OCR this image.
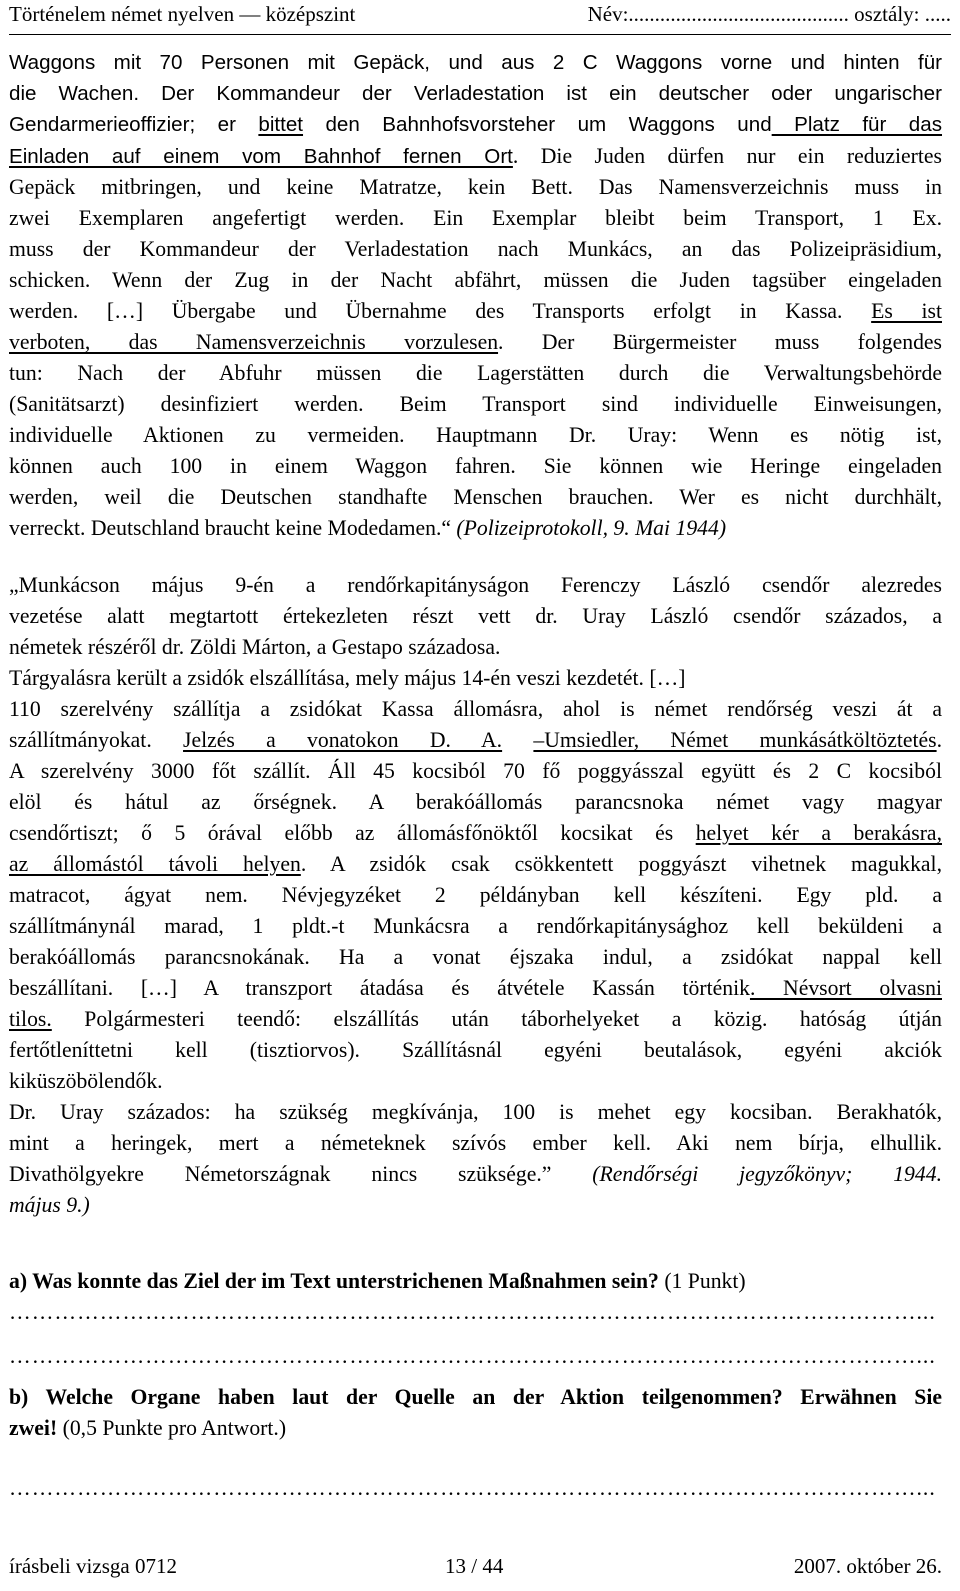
Történelem német nyelven — középszint	Név:.......................................... osztály: .....
Waggons mit 70 Personen mit Gepäck, und aus 2 C Waggons vorne und hinten für
die Wachen. Der Kommandeur der Verladestation ist ein deutscher oder ungarischer
Gendarmerieoffizier; er bittet den Bahnhofsvorsteher um Waggons und Platz für das
Einladen auf einem vom Bahnhof fernen Ort. Die Juden dürfen nur ein reduziertes
Gepäck mitbringen, und keine Matratze, kein Bett. Das Namensverzeichnis muss in
zwei Exemplaren angefertigt werden. Ein Exemplar bleibt beim Transport, 1 Ex.
muss der Kommandeur der Verladestation nach Munkács, an das Polizeipräsidium,
schicken. Wenn der Zug in der Nacht abfährt, müssen die Juden tagsüber eingeladen
werden. […] Übergabe und Übernahme des Transports erfolgt in Kassa. Es ist
verboten, das Namensverzeichnis vorzulesen. Der Bürgermeister muss folgendes
tun: Nach der Abfuhr müssen die Lagerstätten durch die Verwaltungsbehörde
(Sanitätsarzt) desinfiziert werden. Beim Transport sind individuelle Einweisungen,
individuelle Aktionen zu vermeiden. Hauptmann Dr. Uray: Wenn es nötig ist,
können auch 100 in einem Waggon fahren. Sie können wie Heringe eingeladen
werden, weil die Deutschen standhafte Menschen brauchen. Wer es nicht durchhält,
verreckt. Deutschland braucht keine Modedamen.“ (Polizeiprotokoll, 9. Mai 1944)
„Munkácson május 9-én a rendőrkapitányságon Ferenczy László csendőr alezredes
vezetése alatt megtartott értekezleten részt vett dr. Uray László csendőr százados, a
németek részéről dr. Zöldi Márton, a Gestapo századosa.
Tárgyalásra került a zsidók elszállítása, mely május 14-én veszi kezdetét. […]
110 szerelvény szállítja a zsidókat Kassa állomásra, ahol is német rendőrség veszi át a
szállítmányokat. Jelzés a vonatokon D. A. –Umsiedler, Német munkásátköltöztetés.
A szerelvény 3000 főt szállít. Áll 45 kocsiból 70 fő poggyásszal együtt és 2 C kocsiból
elöl és hátul az őrségnek. A berakóállomás parancsnoka német vagy magyar
csendőrtiszt; ő 5 órával előbb az állomásfőnöktől kocsikat és helyet kér a berakásra,
az állomástól távoli helyen. A zsidók csak csökkentett poggyászt vihetnek magukkal,
matracot, ágyat nem. Névjegyzéket 2 példányban kell készíteni. Egy pld. a
szállítmánynál marad, 1 pldt.-t Munkácsra a rendőrkapitánysághoz kell beküldeni a
berakóállomás parancsnokának. Ha a vonat éjszaka indul, a zsidókat nappal kell
beszállítani. […] A transzport átadása és átvétele Kassán történik. Névsort olvasni
tilos. Polgármesteri teendő: elszállítás után táborhelyeket a közig. hatóság útján
fertőtleníttetni kell (tisztiorvos). Szállításnál egyéni beutalások, egyéni akciók
kiküszöbölendők.
Dr. Uray százados: ha szükség megkívánja, 100 is mehet egy kocsiban. Berakhatók,
mint a heringek, mert a németeknek szívós ember kell. Aki nem bírja, elhullik.
Divathölgyekre Németországnak nincs szüksége.” (Rendőrségi jegyzőkönyv; 1944.
május 9.)
a) Was konnte das Ziel der im Text unterstrichenen Maßnahmen sein? (1 Punkt)
…………………………………………………………………………………………………………...
…………………………………………………………………………………………………………...
b) Welche Organe haben laut der Quelle an der Aktion teilgenommen? Erwähnen Sie
zwei! (0,5 Punkte pro Antwort.)
…………………………………………………………………………………………………………...
írásbeli vizsga 0712	13 / 44	2007. október 26.
